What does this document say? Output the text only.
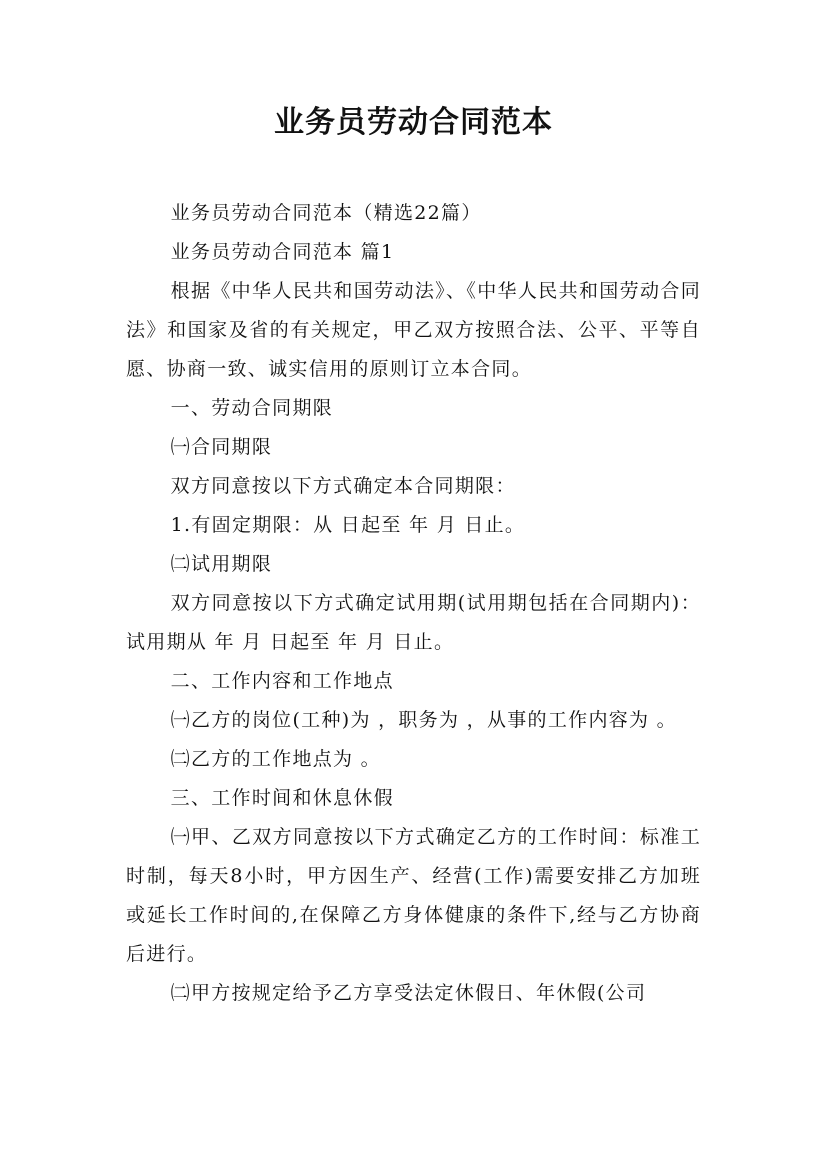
业务员劳动合同范本

业务员劳动合同范本（精选22篇）

业务员劳动合同范本 篇1

根据《中华人民共和国劳动法》、《中华人民共和国劳动合同法》和国家及省的有关规定，甲乙双方按照合法、公平、平等自愿、协商一致、诚实信用的原则订立本合同。

一、劳动合同期限

㈠合同期限

双方同意按以下方式确定本合同期限：

1.有固定期限：从 日起至 年 月 日止。

㈡试用期限

双方同意按以下方式确定试用期(试用期包括在合同期内)：试用期从 年 月 日起至 年 月 日止。

二、工作内容和工作地点

㈠乙方的岗位(工种)为 ，职务为 ，从事的工作内容为 。

㈡乙方的工作地点为 。

三、工作时间和休息休假

㈠甲、乙双方同意按以下方式确定乙方的工作时间：标准工时制，每天8小时，甲方因生产、经营(工作)需要安排乙方加班或延长工作时间的,在保障乙方身体健康的条件下,经与乙方协商后进行。

㈡甲方按规定给予乙方享受法定休假日、年休假(公司
